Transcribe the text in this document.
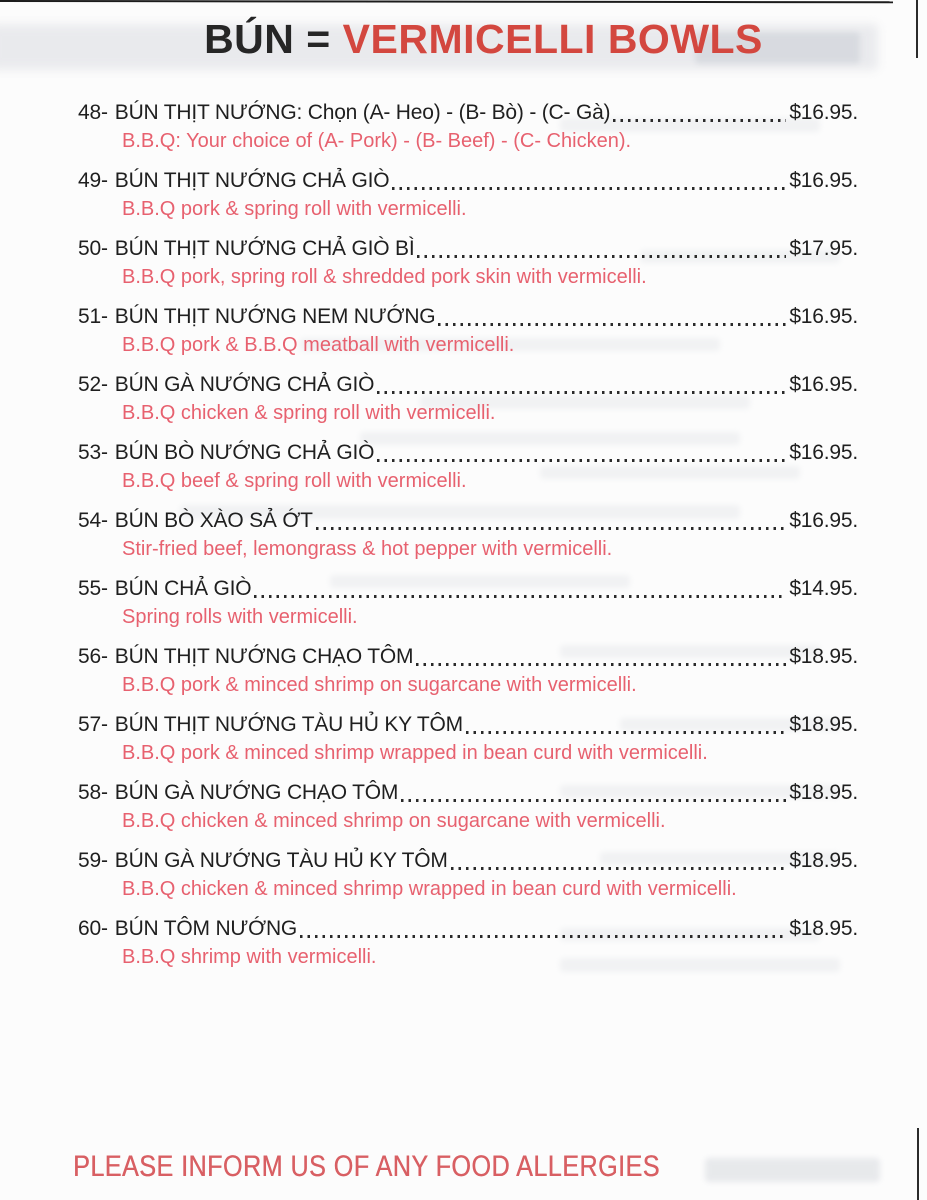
BÚN = VERMICELLI BOWLS
48- BÚN THỊT NƯỚNG: Chọn (A- Heo) - (B- Bò) - (C- Gà)	$16.95.
B.B.Q: Your choice of (A- Pork) - (B- Beef) - (C- Chicken).
49- BÚN THỊT NƯỚNG CHẢ GIÒ	$16.95.
B.B.Q pork & spring roll with vermicelli.
50- BÚN THỊT NƯỚNG CHẢ GIÒ BÌ	$17.95.
B.B.Q pork, spring roll & shredded pork skin with vermicelli.
51- BÚN THỊT NƯỚNG NEM NƯỚNG	$16.95.
B.B.Q pork & B.B.Q meatball with vermicelli.
52- BÚN GÀ NƯỚNG CHẢ GIÒ	$16.95.
B.B.Q chicken & spring roll with vermicelli.
53- BÚN BÒ NƯỚNG CHẢ GIÒ	$16.95.
B.B.Q beef & spring roll with vermicelli.
54- BÚN BÒ XÀO SẢ ỚT	$16.95.
Stir-fried beef, lemongrass & hot pepper with vermicelli.
55- BÚN CHẢ GIÒ	$14.95.
Spring rolls with vermicelli.
56- BÚN THỊT NƯỚNG CHẠO TÔM	$18.95.
B.B.Q pork & minced shrimp on sugarcane with vermicelli.
57- BÚN THỊT NƯỚNG TÀU HỦ KY TÔM	$18.95.
B.B.Q pork & minced shrimp wrapped in bean curd with vermicelli.
58- BÚN GÀ NƯỚNG CHẠO TÔM	$18.95.
B.B.Q chicken & minced shrimp on sugarcane with vermicelli.
59- BÚN GÀ NƯỚNG TÀU HỦ KY TÔM	$18.95.
B.B.Q chicken & minced shrimp wrapped in bean curd with vermicelli.
60- BÚN TÔM NƯỚNG	$18.95.
B.B.Q shrimp with vermicelli.
PLEASE INFORM US OF ANY FOOD ALLERGIES
